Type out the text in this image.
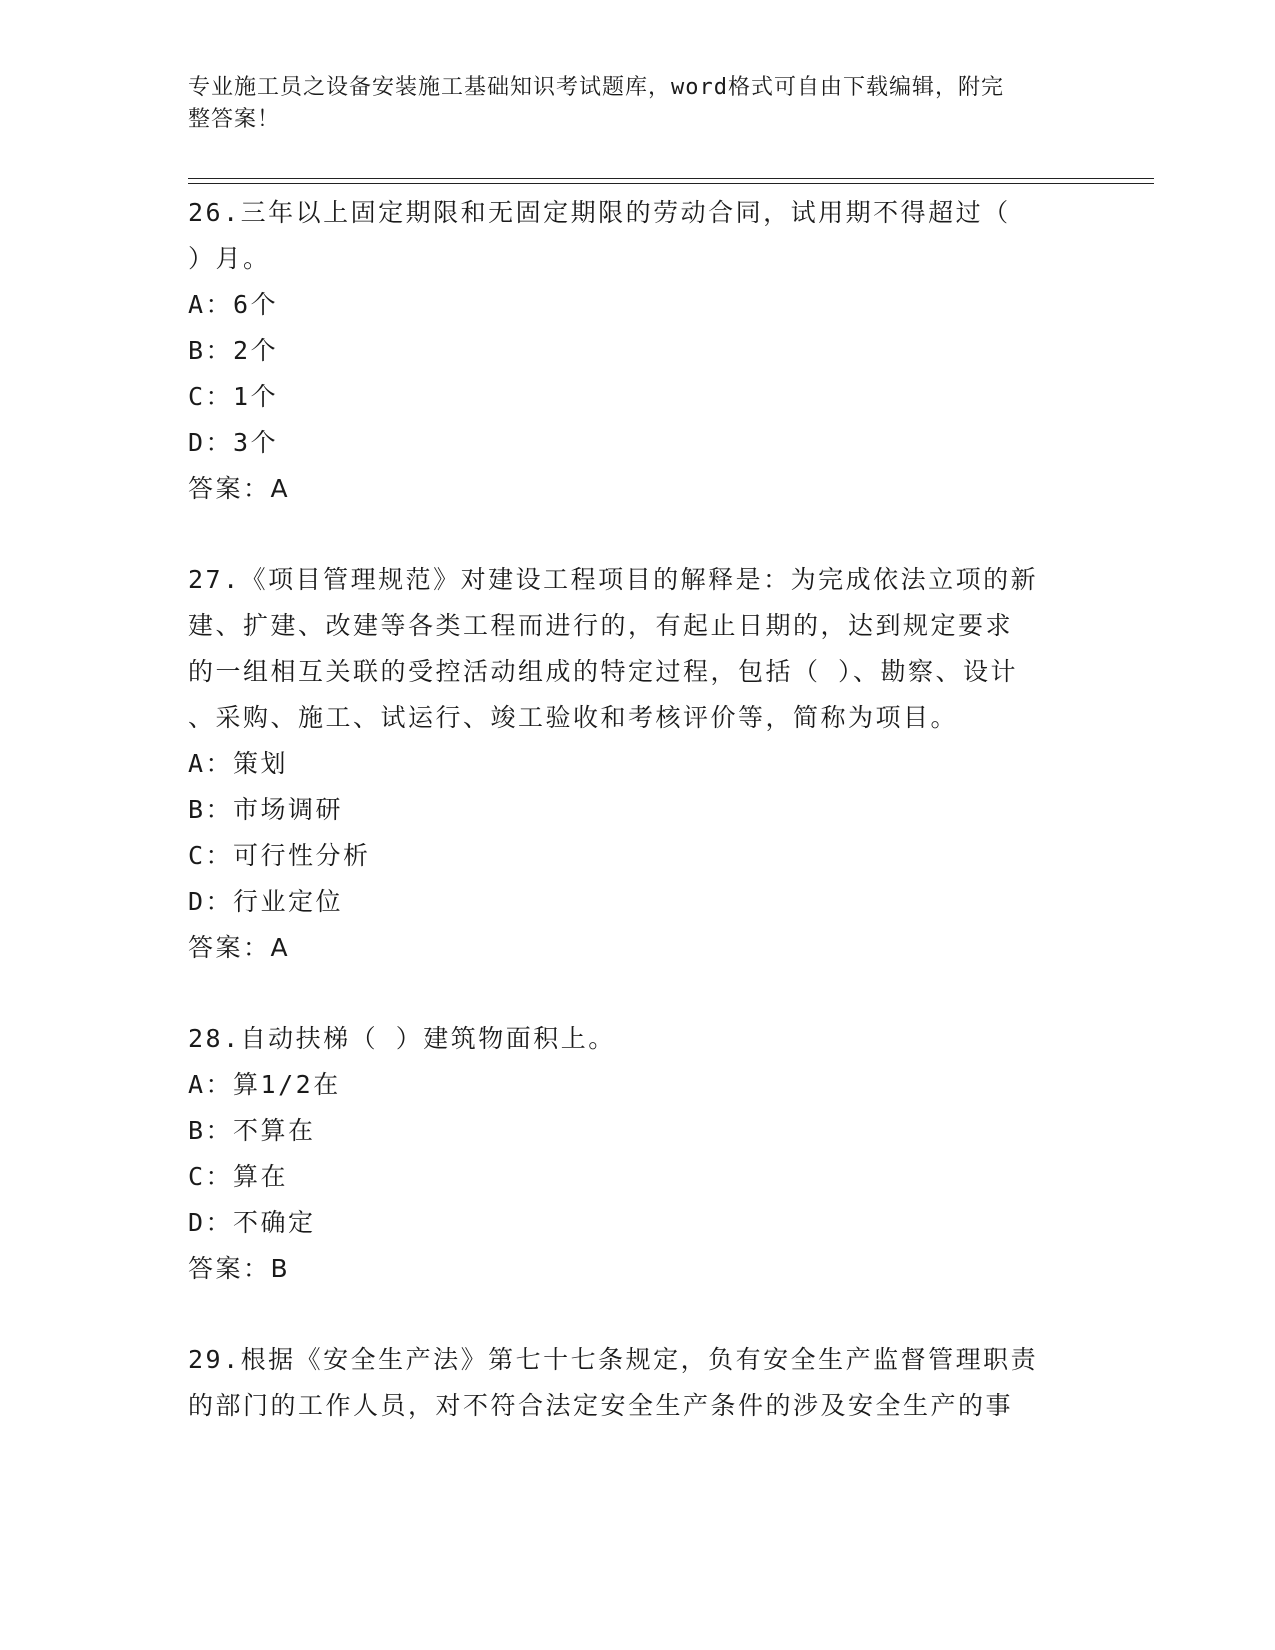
专业施工员之设备安装施工基础知识考试题库，word格式可自由下载编辑，附完
整答案！
26.三年以上固定期限和无固定期限的劳动合同，试用期不得超过（
）月。
A：6个
B：2个
C：1个
D：3个
答案：A
27.《项目管理规范》对建设工程项目的解释是：为完成依法立项的新
建、扩建、改建等各类工程而进行的，有起止日期的，达到规定要求
的一组相互关联的受控活动组成的特定过程，包括（ ）、勘察、设计
、采购、施工、试运行、竣工验收和考核评价等，简称为项目。
A：策划
B：市场调研
C：可行性分析
D：行业定位
答案：A
28.自动扶梯（ ）建筑物面积上。
A：算1/2在
B：不算在
C：算在
D：不确定
答案：B
29.根据《安全生产法》第七十七条规定，负有安全生产监督管理职责
的部门的工作人员，对不符合法定安全生产条件的涉及安全生产的事
